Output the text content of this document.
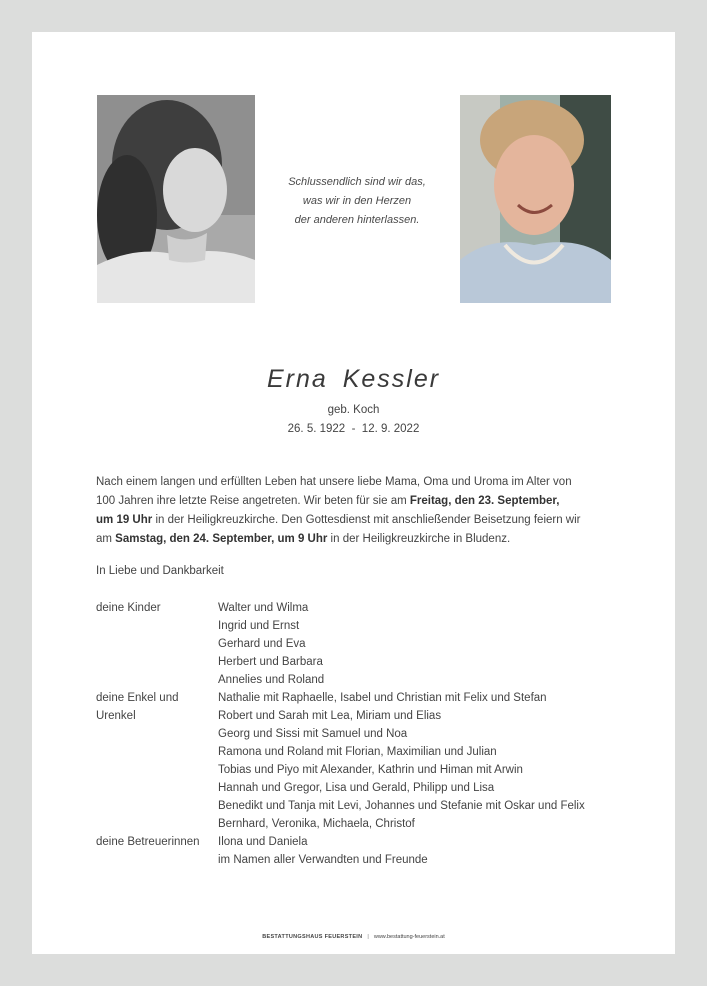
Schlussendlich sind wir das,
was wir in den Herzen
der anderen hinterlassen.
Erna Kessler
geb. Koch
26. 5. 1922  -  12. 9. 2022
Nach einem langen und erfüllten Leben hat unsere liebe Mama, Oma und Uroma im Alter von
100 Jahren ihre letzte Reise angetreten. Wir beten für sie am Freitag, den 23. September,
um 19 Uhr in der Heiligkreuzkirche. Den Gottesdienst mit anschließender Beisetzung feiern wir
am Samstag, den 24. September, um 9 Uhr in der Heiligkreuzkirche in Bludenz.
In Liebe und Dankbarkeit
deine Kinder	Walter und Wilma
Ingrid und Ernst
Gerhard und Eva
Herbert und Barbara
Annelies und Roland
deine Enkel und
Urenkel
Nathalie mit Raphaelle, Isabel und Christian mit Felix und Stefan
Robert und Sarah mit Lea, Miriam und Elias
Georg und Sissi mit Samuel und Noa
Ramona und Roland mit Florian, Maximilian und Julian
Tobias und Piyo mit Alexander, Kathrin und Himan mit Arwin
Hannah und Gregor, Lisa und Gerald, Philipp und Lisa
Benedikt und Tanja mit Levi, Johannes und Stefanie mit Oskar und Felix
Bernhard, Veronika, Michaela, Christof
deine Betreuerinnen	Ilona und Daniela
im Namen aller Verwandten und Freunde
BESTATTUNGSHAUS FEUERSTEIN | www.bestattung-feuerstein.at
